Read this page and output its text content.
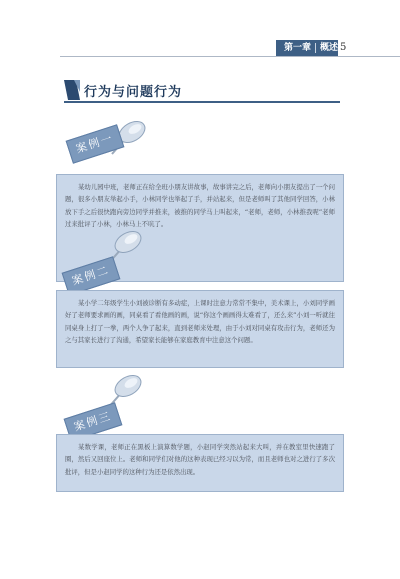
第一章 概述 5
行为与问题行为
案例一
某幼儿园中班，老师正在给全班小朋友讲故事，故事讲完之后，老师向小朋友提出了一个问题，很多小朋友举起小手，小林同学也举起了手，并站起来，但是老师叫了其他同学回答，小林放下手之后很快跑向旁边同学并推来，被推的同学马上叫起来，“老师，老师，小林推我呢”老师过来批评了小林，小林马上不吭了。
案例二
某小学二年级学生小刘被诊断有多动症，上课时注意力常常不集中，美术课上，小刘同学画好了老师要求画的画，同桌看了看他画的画，说“你这个画画得太难看了，还么来”小刘一听就往同桌身上打了一拳，两个人争了起来，直到老师来处理，由于小刘对同桌有攻击行为，老师还为之与其家长进行了沟通，希望家长能够在家庭教育中注意这个问题。
案例三
某数学课，老师正在黑板上演算数学题，小赵同学突然站起来大叫，并在教室里快速跑了圈，然后又回座位上。老师和同学们对他的这种表现已经习以为常，而且老师也对之进行了多次批评，但是小赵同学的这种行为还是依然出现。
